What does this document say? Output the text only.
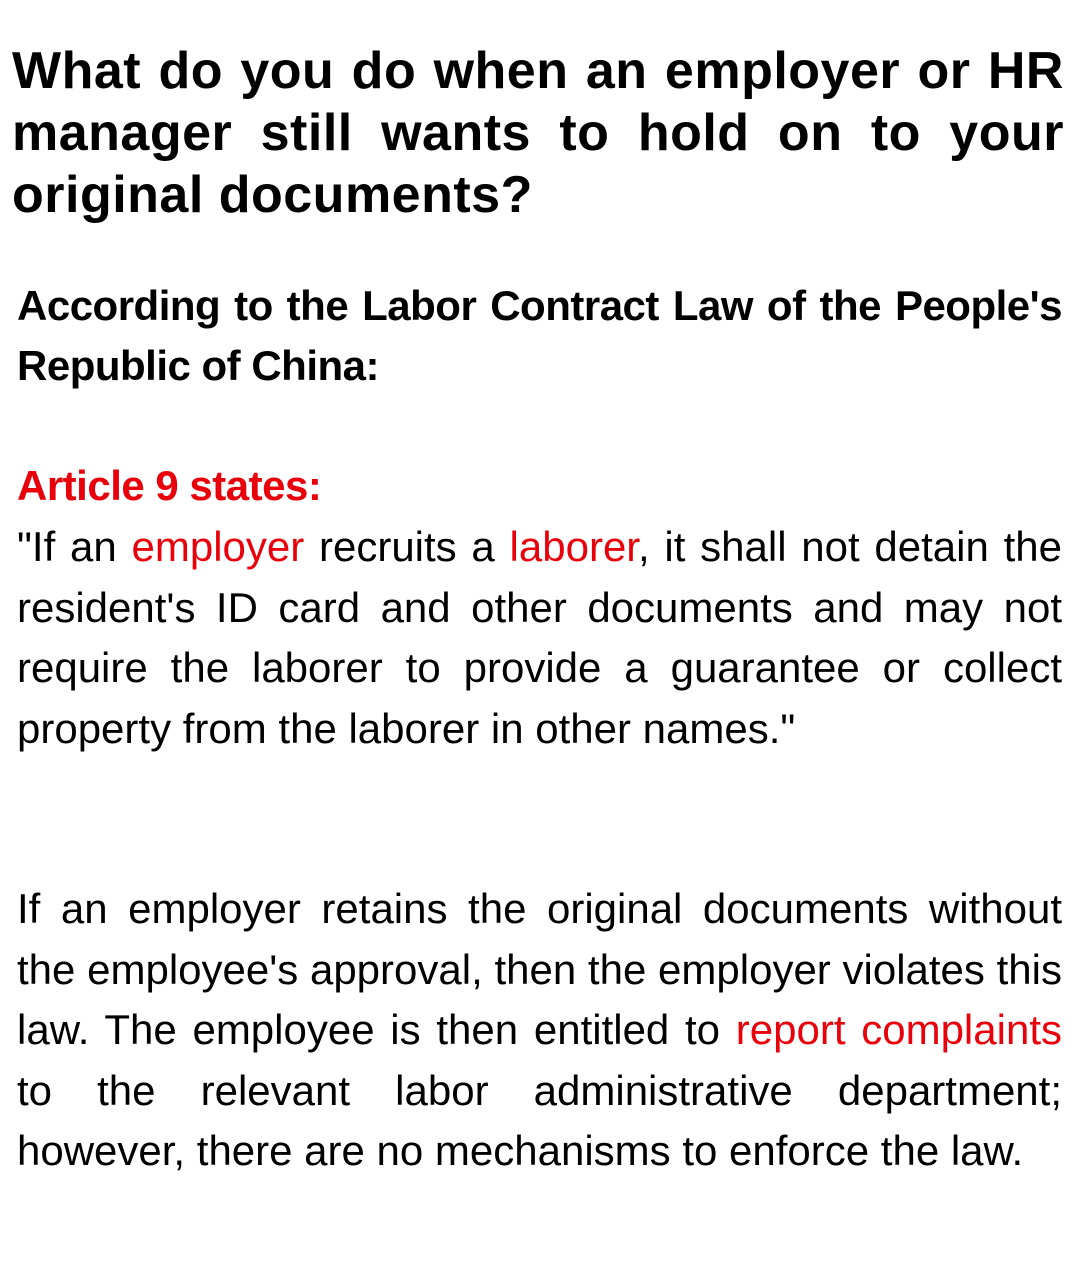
What do you do when an employer or HR manager still wants to hold on to your original documents?
According to the Labor Contract Law of the People's Republic of China:
Article 9 states:

"If an employer recruits a laborer, it shall not detain the resident's ID card and other documents and may not require the laborer to provide a guarantee or collect property from the laborer in other names."

If an employer retains the original documents without the employee's approval, then the employer violates this law. The employee is then entitled to report complaints to the relevant labor administrative department; however, there are no mechanisms to enforce the law.
